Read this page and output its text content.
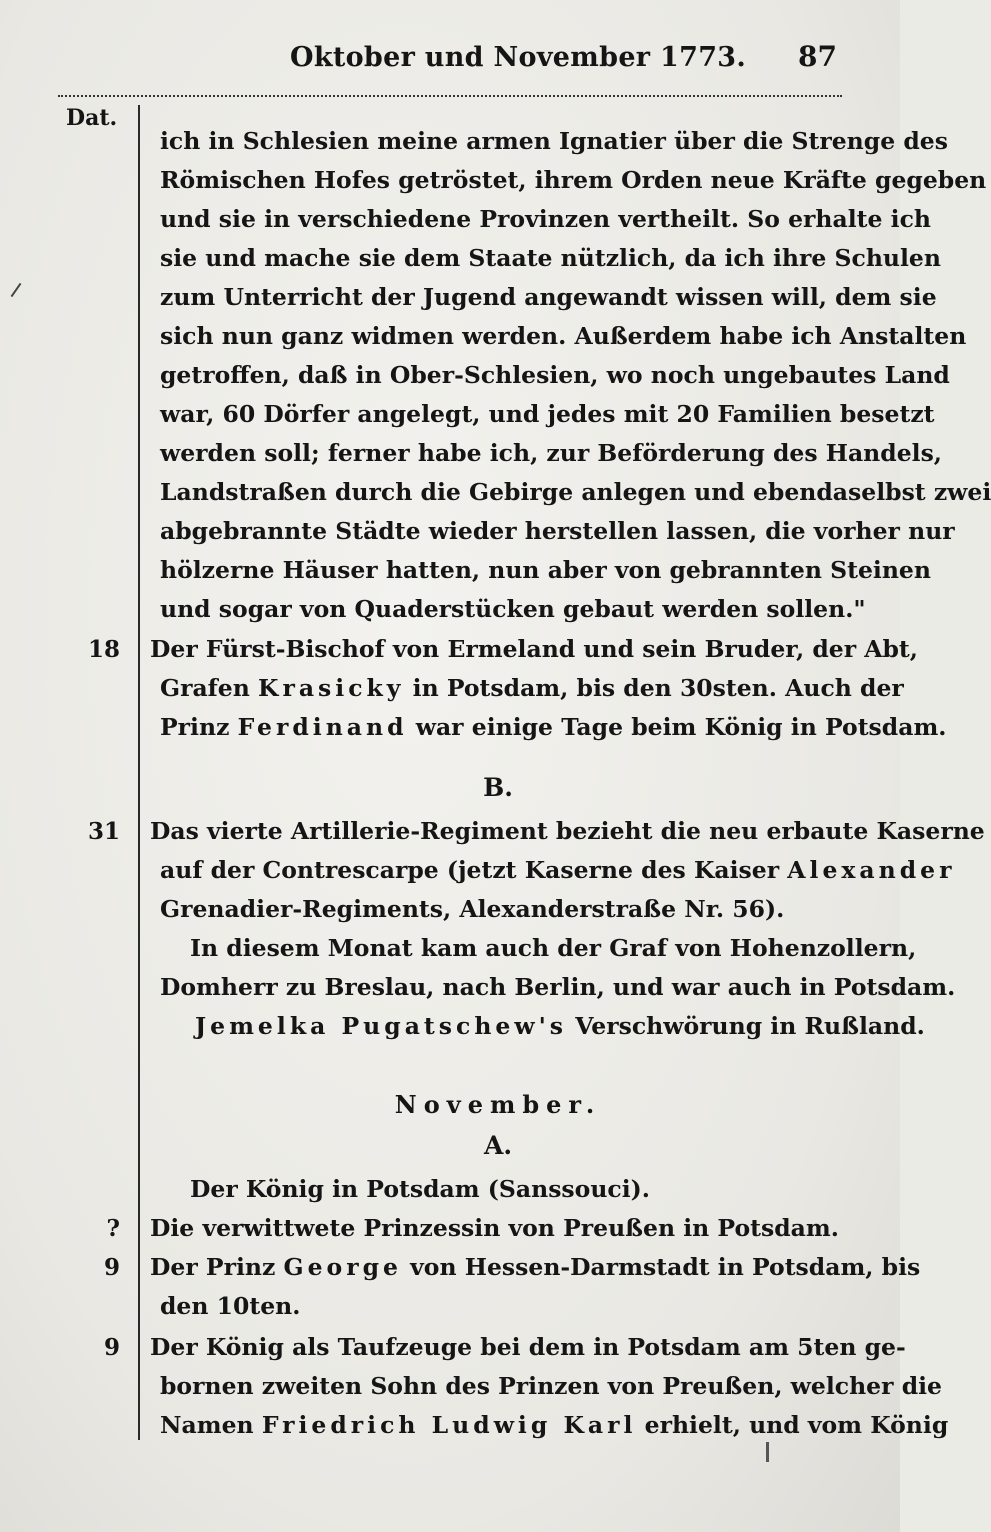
Oktober und November 1773. 87
Dat.
ich in Schlesien meine armen Ignatier über die Strenge des
Römischen Hofes getröstet, ihrem Orden neue Kräfte gegeben
und sie in verschiedene Provinzen vertheilt. So erhalte ich
sie und mache sie dem Staate nützlich, da ich ihre Schulen
zum Unterricht der Jugend angewandt wissen will, dem sie
sich nun ganz widmen werden. Außerdem habe ich Anstalten
getroffen, daß in Ober-Schlesien, wo noch ungebautes Land
war, 60 Dörfer angelegt, und jedes mit 20 Familien besetzt
werden soll; ferner habe ich, zur Beförderung des Handels,
Landstraßen durch die Gebirge anlegen und ebendaselbst zwei
abgebrannte Städte wieder herstellen lassen, die vorher nur
hölzerne Häuser hatten, nun aber von gebrannten Steinen
und sogar von Quaderstücken gebaut werden sollen."
18 Der Fürst-Bischof von Ermeland und sein Bruder, der Abt,
Grafen Krasicky in Potsdam, bis den 30sten. Auch der
Prinz Ferdinand war einige Tage beim König in Potsdam.
B.
31 Das vierte Artillerie-Regiment bezieht die neu erbaute Kaserne
auf der Contrescarpe (jetzt Kaserne des Kaiser Alexander
Grenadier-Regiments, Alexanderstraße Nr. 56).
In diesem Monat kam auch der Graf von Hohenzollern,
Domherr zu Breslau, nach Berlin, und war auch in Potsdam.
Jemelka Pugatschew's Verschwörung in Rußland.
November.
A.
Der König in Potsdam (Sanssouci).
? Die verwittwete Prinzessin von Preußen in Potsdam.
9 Der Prinz George von Hessen-Darmstadt in Potsdam, bis
den 10ten.
9 Der König als Taufzeuge bei dem in Potsdam am 5ten ge-
bornen zweiten Sohn des Prinzen von Preußen, welcher die
Namen Friedrich Ludwig Karl erhielt, und vom König
